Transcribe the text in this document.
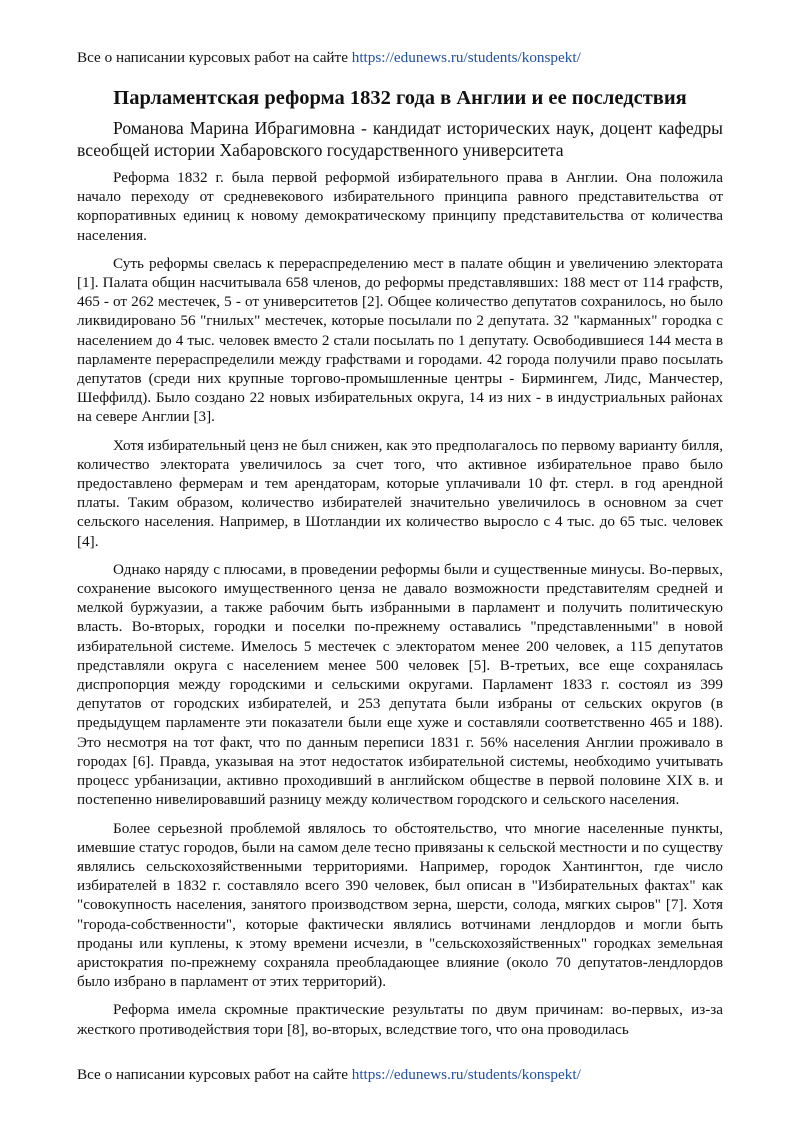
Все о написании курсовых работ на сайте https://edunews.ru/students/konspekt/
Парламентская реформа 1832 года в Англии и ее последствия
Романова Марина Ибрагимовна - кандидат исторических наук, доцент кафедры всеобщей истории Хабаровского государственного университета

Реформа 1832 г. была первой реформой избирательного права в Англии. Она положила начало переходу от средневекового избирательного принципа равного представительства от корпоративных единиц к новому демократическому принципу представительства от количества населения.

Суть реформы свелась к перераспределению мест в палате общин и увеличению электората [1]. Палата общин насчитывала 658 членов, до реформы представлявших: 188 мест от 114 графств, 465 - от 262 местечек, 5 - от университетов [2]. Общее количество депутатов сохранилось, но было ликвидировано 56 "гнилых" местечек, которые посылали по 2 депутата. 32 "карманных" городка с населением до 4 тыс. человек вместо 2 стали посылать по 1 депутату. Освободившиеся 144 места в парламенте перераспределили между графствами и городами. 42 города получили право посылать депутатов (среди них крупные торгово-промышленные центры - Бирмингем, Лидс, Манчестер, Шеффилд). Было создано 22 новых избирательных округа, 14 из них - в индустриальных районах на севере Англии [3].

Хотя избирательный ценз не был снижен, как это предполагалось по первому варианту билля, количество электората увеличилось за счет того, что активное избирательное право было предоставлено фермерам и тем арендаторам, которые уплачивали 10 фт. стерл. в год арендной платы. Таким образом, количество избирателей значительно увеличилось в основном за счет сельского населения. Например, в Шотландии их количество выросло с 4 тыс. до 65 тыс. человек [4].

Однако наряду с плюсами, в проведении реформы были и существенные минусы. Во-первых, сохранение высокого имущественного ценза не давало возможности представителям средней и мелкой буржуазии, а также рабочим быть избранными в парламент и получить политическую власть. Во-вторых, городки и поселки по-прежнему оставались "представленными" в новой избирательной системе. Имелось 5 местечек с электоратом менее 200 человек, а 115 депутатов представляли округа с населением менее 500 человек [5]. В-третьих, все еще сохранялась диспропорция между городскими и сельскими округами. Парламент 1833 г. состоял из 399 депутатов от городских избирателей, и 253 депутата были избраны от сельских округов (в предыдущем парламенте эти показатели были еще хуже и составляли соответственно 465 и 188). Это несмотря на тот факт, что по данным переписи 1831 г. 56% населения Англии проживало в городах [6]. Правда, указывая на этот недостаток избирательной системы, необходимо учитывать процесс урбанизации, активно проходивший в английском обществе в первой половине XIX в. и постепенно нивелировавший разницу между количеством городского и сельского населения.

Более серьезной проблемой являлось то обстоятельство, что многие населенные пункты, имевшие статус городов, были на самом деле тесно привязаны к сельской местности и по существу являлись сельскохозяйственными территориями. Например, городок Хантингтон, где число избирателей в 1832 г. составляло всего 390 человек, был описан в "Избирательных фактах" как "совокупность населения, занятого производством зерна, шерсти, солода, мягких сыров" [7]. Хотя "города-собственности", которые фактически являлись вотчинами лендлордов и могли быть проданы или куплены, к этому времени исчезли, в "сельскохозяйственных" городках земельная аристократия по-прежнему сохраняла преобладающее влияние (около 70 депутатов-лендлордов было избрано в парламент от этих территорий).

Реформа имела скромные практические результаты по двум причинам: во-первых, из-за жесткого противодействия тори [8], во-вторых, вследствие того, что она проводилась

Все о написании курсовых работ на сайте https://edunews.ru/students/konspekt/
